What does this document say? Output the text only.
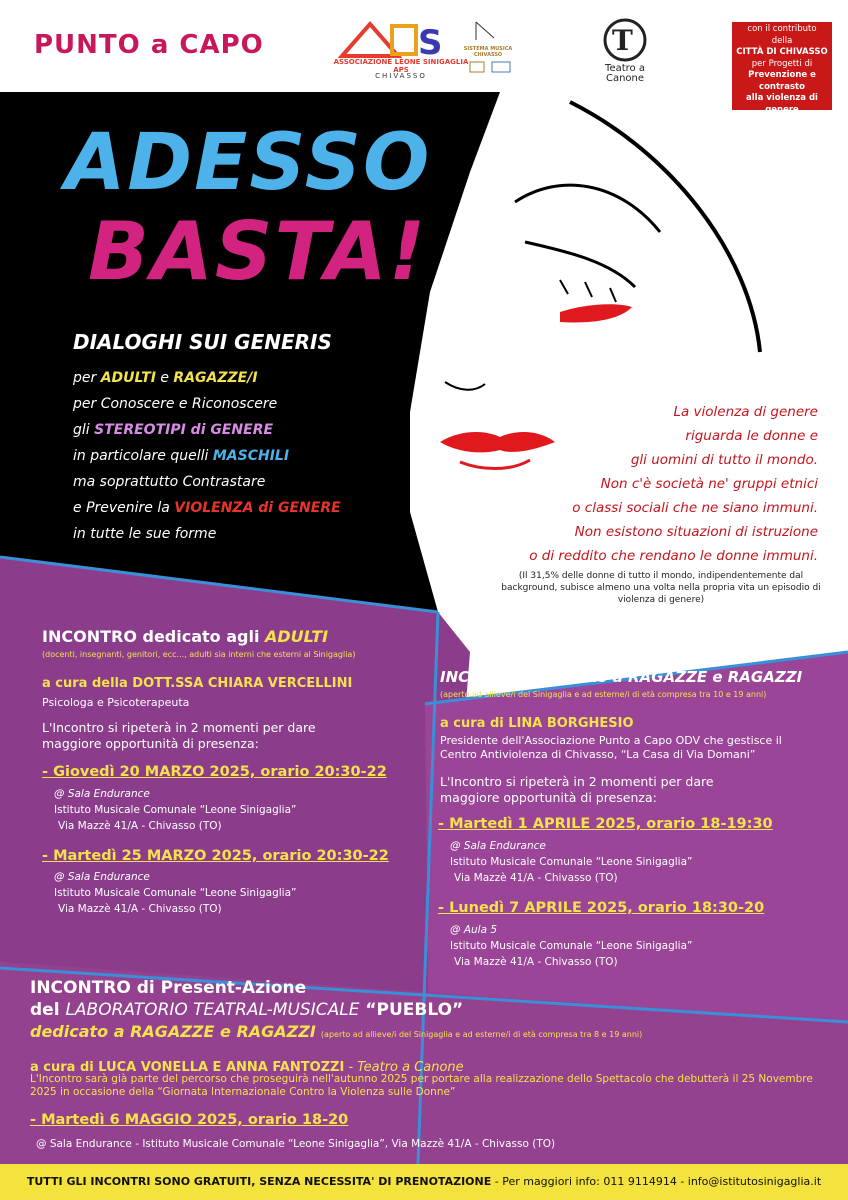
PUNTO a CAPO	S
ASSOCIAZIONE LEONE SINIGAGLIA APS
CHIVASSO
SISTEMA MUSICA CHIVASSO	T
Teatro a Canone
con il contributo
della
CITTÀ DI CHIVASSO
per Progetti di
Prevenzione e contrasto
alla violenza di genere
ADESSO
BASTA!
DIALOGHI SUI GENERIS
per ADULTI e RAGAZZE/I
per Conoscere e Riconoscere
gli STEREOTIPI di GENERE
in particolare quelli MASCHILI
ma soprattutto Contrastare
e Prevenire la VIOLENZA di GENERE
in tutte le sue forme
La violenza di genere
riguarda le donne e
gli uomini di tutto il mondo.
Non c'è società ne' gruppi etnici
o classi sociali che ne siano immuni.
Non esistono situazioni di istruzione
o di reddito che rendano le donne immuni.
(Il 31,5% delle donne di tutto il mondo, indipendentemente dal background, subisce almeno una volta nella propria vita un episodio di violenza di genere)
INCONTRO dedicato agli ADULTI
(docenti, insegnanti, genitori, ecc..., adulti sia interni che esterni al Sinigaglia)
a cura della DOTT.SSA CHIARA VERCELLINI
Psicologa e Psicoterapeuta
L'Incontro si ripeterà in 2 momenti per dare maggiore opportunità di presenza:
- Giovedì 20 MARZO 2025, orario 20:30-22
@ Sala Endurance
Istituto Musicale Comunale “Leone Sinigaglia”
Via Mazzè 41/A - Chivasso (TO)
- Martedì 25 MARZO 2025, orario 20:30-22
@ Sala Endurance
Istituto Musicale Comunale “Leone Sinigaglia”
Via Mazzè 41/A - Chivasso (TO)
INCONTRO dedicato a RAGAZZE e RAGAZZI
(aperto ad allieve/i del Sinigaglia e ad esterne/i di età compresa tra 10 e 19 anni)
a cura di LINA BORGHESIO
Presidente dell'Associazione Punto a Capo ODV che gestisce il Centro Antiviolenza di Chivasso, “La Casa di Via Domani”
L'Incontro si ripeterà in 2 momenti per dare maggiore opportunità di presenza:
- Martedì 1 APRILE 2025, orario 18-19:30
@ Sala Endurance
Istituto Musicale Comunale “Leone Sinigaglia”
Via Mazzè 41/A - Chivasso (TO)
- Lunedì 7 APRILE 2025, orario 18:30-20
@ Aula 5
Istituto Musicale Comunale “Leone Sinigaglia”
Via Mazzè 41/A - Chivasso (TO)
INCONTRO di Present-Azione
del LABORATORIO TEATRAL-MUSICALE “PUEBLO”
dedicato a RAGAZZE e RAGAZZI (aperto ad allieve/i del Sinigaglia e ad esterne/i di età compresa tra 8 e 19 anni)
a cura di LUCA VONELLA E ANNA FANTOZZI - Teatro a Canone
L'Incontro sarà già parte del percorso che proseguirà nell'autunno 2025 per portare alla realizzazione dello Spettacolo che debutterà il 25 Novembre 2025 in occasione della “Giornata Internazionale Contro la Violenza sulle Donne”
- Martedì 6 MAGGIO 2025, orario 18-20
@ Sala Endurance - Istituto Musicale Comunale “Leone Sinigaglia”, Via Mazzè 41/A - Chivasso (TO)
TUTTI GLI INCONTRI SONO GRATUITI, SENZA NECESSITA' DI PRENOTAZIONE - Per maggiori info: 011 9114914 - info@istitutosinigaglia.it
